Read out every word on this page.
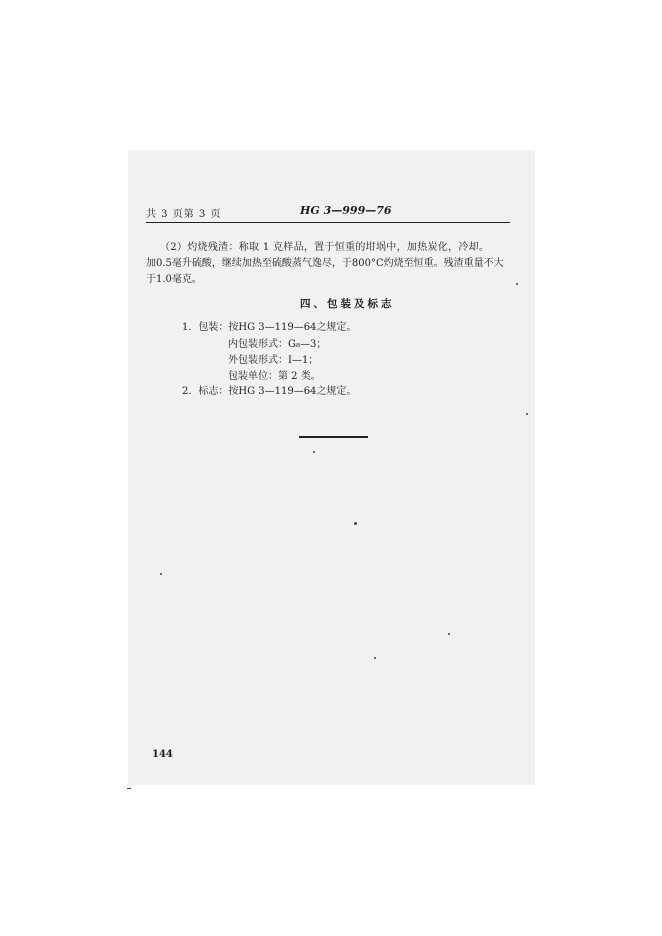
共 3 页第 3 页	HG 3—999—76
（2）灼烧残渣：称取 1 克样品，置于恒重的坩埚中，加热炭化，冷却。
加0.5毫升硫酸，继续加热至硫酸蒸气逸尽，于800°C灼烧至恒重。残渣重量不大
于1.0毫克。
四、包装及标志
1．包装：按HG 3—119—64之规定。
内包装形式：G₈—3；
外包装形式：Ⅰ—1；
包装单位：第 2 类。
2．标志：按HG 3—119—64之规定。
144
